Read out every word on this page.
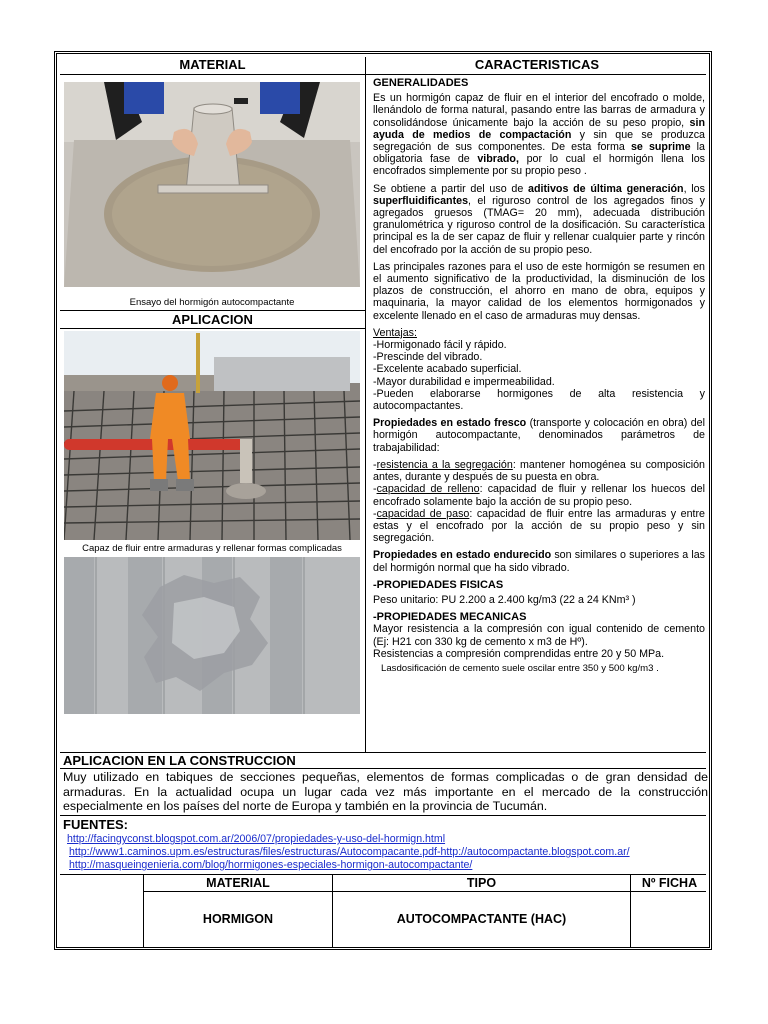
MATERIAL	CARACTERISTICAS
Ensayo del hormigón autocompactante
APLICACION
Capaz de fluir entre armaduras y rellenar formas complicadas
GENERALIDADES

Es un hormigón capaz de fluir en el interior del encofrado o molde, llenándolo de forma natural, pasando entre las barras de armadura y consolidándose únicamente bajo la acción de su peso propio, sin ayuda de medios de compactación y sin que se produzca segregación de sus componentes. De esta forma se suprime la obligatoria fase de vibrado, por lo cual el hormigón llena los encofrados simplemente por su propio peso .

Se obtiene a partir del uso de aditivos de última generación, los superfluidificantes, el riguroso control de los agregados finos y agregados gruesos (TMAG= 20 mm), adecuada distribución granulométrica y riguroso control de la dosificación. Su característica principal es la de ser capaz de fluir y rellenar cualquier parte y rincón del encofrado por la acción de su propio peso.

Las principales razones para el uso de este hormigón se resumen en el aumento significativo de la productividad, la disminución de los plazos de construcción, el ahorro en mano de obra, equipos y maquinaria, la mayor calidad de los elementos hormigonados y excelente llenado en el caso de armaduras muy densas.

Ventajas:
-Hormigonado fácil y rápido.
-Prescinde del vibrado.
-Excelente acabado superficial.
-Mayor durabilidad e impermeabilidad.
-Pueden elaborarse hormigones de alta resistencia y autocompactantes.

Propiedades en estado fresco (transporte y colocación en obra) del hormigón autocompactante, denominados parámetros de trabajabilidad:

-resistencia a la segregación: mantener homogénea su composición antes, durante y después de su puesta en obra.

-capacidad de relleno: capacidad de fluir y rellenar los huecos del encofrado solamente bajo la acción de su propio peso.

-capacidad de paso: capacidad de fluir entre las armaduras y entre estas y el encofrado por la acción de su propio peso y sin segregación.

Propiedades en estado endurecido son similares o superiores a las del hormigón normal que ha sido vibrado.

-PROPIEDADES FISICAS

Peso unitario: PU 2.200 a 2.400 kg/m3 (22 a 24 KNm³ )

-PROPIEDADES MECANICAS

Mayor resistencia a la compresión con igual contenido de cemento (Ej: H21 con 330 kg de cemento x m3 de Hº).

Resistencias a compresión comprendidas entre 20 y 50 MPa.

Lasdosificación de cemento suele oscilar entre 350 y 500 kg/m3 .

APLICACION EN LA CONSTRUCCION
Muy utilizado en tabiques de secciones pequeñas, elementos de formas complicadas o de gran densidad de armaduras. En la actualidad ocupa un lugar cada vez más importante en el mercado de la construcción especialmente en los países del norte de Europa y también en la provincia de Tucumán.
FUENTES:
http://facingyconst.blogspot.com.ar/2006/07/propiedades-y-uso-del-hormign.html
http://www1.caminos.upm.es/estructuras/files/estructuras/Autocompacante.pdf-http://autocompactante.blogspot.com.ar/
http://masqueingenieria.com/blog/hormigones-especiales-hormigon-autocompactante/
MATERIAL	TIPO	Nº FICHA
HORMIGON	AUTOCOMPACTANTE (HAC)
